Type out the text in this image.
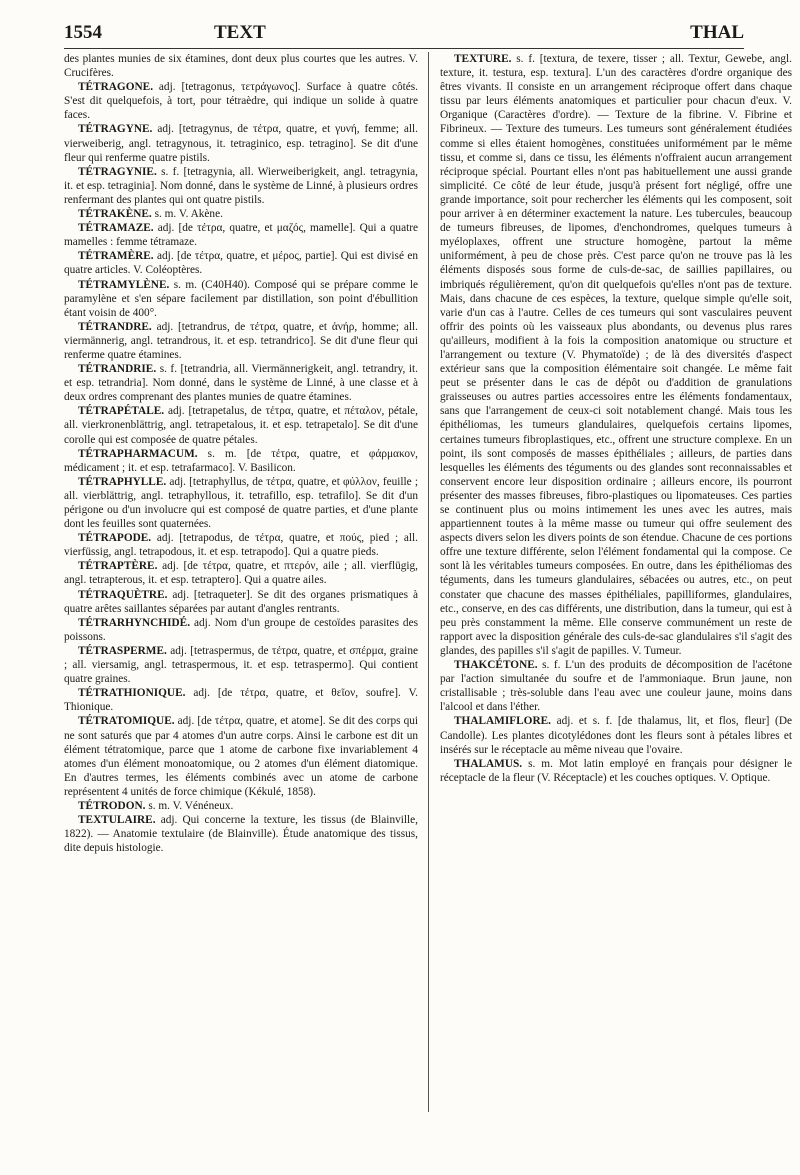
1554	TEXT	THAL

des plantes munies de six étamines, dont deux plus courtes que les autres. V. Crucifères.

TÉTRAGONE. adj. [tetragonus, τετράγωνος]. Surface à quatre côtés. S'est dit quelquefois, à tort, pour tétraèdre, qui indique un solide à quatre faces.

TÉTRAGYNE. adj. [tetragynus, de τέτρα, quatre, et γυνή, femme; all. vierweiberig, angl. tetragynous, it. tetraginico, esp. tetragino]. Se dit d'une fleur qui renferme quatre pistils.

TÉTRAGYNIE. s. f. [tetragynia, all. Wierweiberigkeit, angl. tetragynia, it. et esp. tetraginia]. Nom donné, dans le système de Linné, à plusieurs ordres renfermant des plantes qui ont quatre pistils.

TÉTRAKÈNE. s. m. V. Akène.

TÉTRAMAZE. adj. [de τέτρα, quatre, et μαζός, mamelle]. Qui a quatre mamelles : femme tétramaze.

TÉTRAMÈRE. adj. [de τέτρα, quatre, et μέρος, partie]. Qui est divisé en quatre articles. V. Coléoptères.

TÉTRAMYLÈNE. s. m. (C40H40). Composé qui se prépare comme le paramylène et s'en sépare facilement par distillation, son point d'ébullition étant voisin de 400°.

TÉTRANDRE. adj. [tetrandrus, de τέτρα, quatre, et ἀνήρ, homme; all. viermännerig, angl. tetrandrous, it. et esp. tetrandrico]. Se dit d'une fleur qui renferme quatre étamines.

TÉTRANDRIE. s. f. [tetrandria, all. Viermännerigkeit, angl. tetrandry, it. et esp. tetrandria]. Nom donné, dans le système de Linné, à une classe et à deux ordres comprenant des plantes munies de quatre étamines.

TÉTRAPÉTALE. adj. [tetrapetalus, de τέτρα, quatre, et πέταλον, pétale, all. vierkronenblättrig, angl. tetrapetalous, it. et esp. tetrapetalo]. Se dit d'une corolle qui est composée de quatre pétales.

TÉTRAPHARMACUM. s. m. [de τέτρα, quatre, et φάρμακον, médicament ; it. et esp. tetrafarmaco]. V. Basilicon.

TÉTRAPHYLLE. adj. [tetraphyllus, de τέτρα, quatre, et φύλλον, feuille ; all. vierblättrig, angl. tetraphyllous, it. tetrafillo, esp. tetrafilo]. Se dit d'un périgone ou d'un involucre qui est composé de quatre parties, et d'une plante dont les feuilles sont quaternées.

TÉTRAPODE. adj. [tetrapodus, de τέτρα, quatre, et πούς, pied ; all. vierfüssig, angl. tetrapodous, it. et esp. tetrapodo]. Qui a quatre pieds.

TÉTRAPTÈRE. adj. [de τέτρα, quatre, et πτερόν, aile ; all. vierflügig, angl. tetrapterous, it. et esp. tetraptero]. Qui a quatre ailes.

TÉTRAQUÈTRE. adj. [tetraqueter]. Se dit des organes prismatiques à quatre arêtes saillantes séparées par autant d'angles rentrants.

TÉTRARHYNCHIDÉ. adj. Nom d'un groupe de cestoïdes parasites des poissons.

TÉTRASPERME. adj. [tetraspermus, de τέτρα, quatre, et σπέρμα, graine ; all. viersamig, angl. tetraspermous, it. et esp. tetraspermo]. Qui contient quatre graines.

TÉTRATHIONIQUE. adj. [de τέτρα, quatre, et θεῖον, soufre]. V. Thionique.

TÉTRATOMIQUE. adj. [de τέτρα, quatre, et atome]. Se dit des corps qui ne sont saturés que par 4 atomes d'un autre corps. Ainsi le carbone est dit un élément tétratomique, parce que 1 atome de carbone fixe invariablement 4 atomes d'un élément monoatomique, ou 2 atomes d'un élément diatomique. En d'autres termes, les éléments combinés avec un atome de carbone représentent 4 unités de force chimique (Kékulé, 1858).

TÉTRODON. s. m. V. Vénéneux.

TEXTULAIRE. adj. Qui concerne la texture, les tissus (de Blainville, 1822). — Anatomie textulaire (de Blainville). Étude anatomique des tissus, dite depuis histologie.

TEXTURE. s. f. [textura, de texere, tisser ; all. Textur, Gewebe, angl. texture, it. testura, esp. textura]. L'un des caractères d'ordre organique des êtres vivants. Il consiste en un arrangement réciproque offert dans chaque tissu par leurs éléments anatomiques et particulier pour chacun d'eux. V. Organique (Caractères d'ordre). — Texture de la fibrine. V. Fibrine et Fibrineux. — Texture des tumeurs. Les tumeurs sont généralement étudiées comme si elles étaient homogènes, constituées uniformément par le même tissu, et comme si, dans ce tissu, les éléments n'offraient aucun arrangement réciproque spécial. Pourtant elles n'ont pas habituellement une aussi grande simplicité. Ce côté de leur étude, jusqu'à présent fort négligé, offre une grande importance, soit pour rechercher les éléments qui les composent, soit pour arriver à en déterminer exactement la nature. Les tubercules, beaucoup de tumeurs fibreuses, de lipomes, d'enchondromes, quelques tumeurs à myéloplaxes, offrent une structure homogène, partout la même uniformément, à peu de chose près. C'est parce qu'on ne trouve pas là les éléments disposés sous forme de culs-de-sac, de saillies papillaires, ou imbriqués régulièrement, qu'on dit quelquefois qu'elles n'ont pas de texture. Mais, dans chacune de ces espèces, la texture, quelque simple qu'elle soit, varie d'un cas à l'autre. Celles de ces tumeurs qui sont vasculaires peuvent offrir des points où les vaisseaux plus abondants, ou devenus plus rares qu'ailleurs, modifient à la fois la composition anatomique ou structure et l'arrangement ou texture (V. Phymatoïde) ; de là des diversités d'aspect extérieur sans que la composition élémentaire soit changée. Le même fait peut se présenter dans le cas de dépôt ou d'addition de granulations graisseuses ou autres parties accessoires entre les éléments fondamentaux, sans que l'arrangement de ceux-ci soit notablement changé. Mais tous les épithéliomas, les tumeurs glandulaires, quelquefois certains lipomes, certaines tumeurs fibroplastiques, etc., offrent une structure complexe. En un point, ils sont composés de masses épithéliales ; ailleurs, de parties dans lesquelles les éléments des téguments ou des glandes sont reconnaissables et conservent encore leur disposition ordinaire ; ailleurs encore, ils pourront présenter des masses fibreuses, fibro-plastiques ou lipomateuses. Ces parties se continuent plus ou moins intimement les unes avec les autres, mais appartiennent toutes à la même masse ou tumeur qui offre seulement des aspects divers selon les divers points de son étendue. Chacune de ces portions offre une texture différente, selon l'élément fondamental qui la compose. Ce sont là les véritables tumeurs composées. En outre, dans les épithéliomas des téguments, dans les tumeurs glandulaires, sébacées ou autres, etc., on peut constater que chacune des masses épithéliales, papilliformes, glandulaires, etc., conserve, en des cas différents, une distribution, dans la tumeur, qui est à peu près constamment la même. Elle conserve communément un reste de rapport avec la disposition générale des culs-de-sac glandulaires s'il s'agit des glandes, des papilles s'il s'agit de papilles. V. Tumeur.

THAKCÉTONE. s. f. L'un des produits de décomposition de l'acétone par l'action simultanée du soufre et de l'ammoniaque. Brun jaune, non cristallisable ; très-soluble dans l'eau avec une couleur jaune, moins dans l'alcool et dans l'éther.

THALAMIFLORE. adj. et s. f. [de thalamus, lit, et flos, fleur] (De Candolle). Les plantes dicotylédones dont les fleurs sont à pétales libres et insérés sur le réceptacle au même niveau que l'ovaire.

THALAMUS. s. m. Mot latin employé en français pour désigner le réceptacle de la fleur (V. Réceptacle) et les couches optiques. V. Optique.
